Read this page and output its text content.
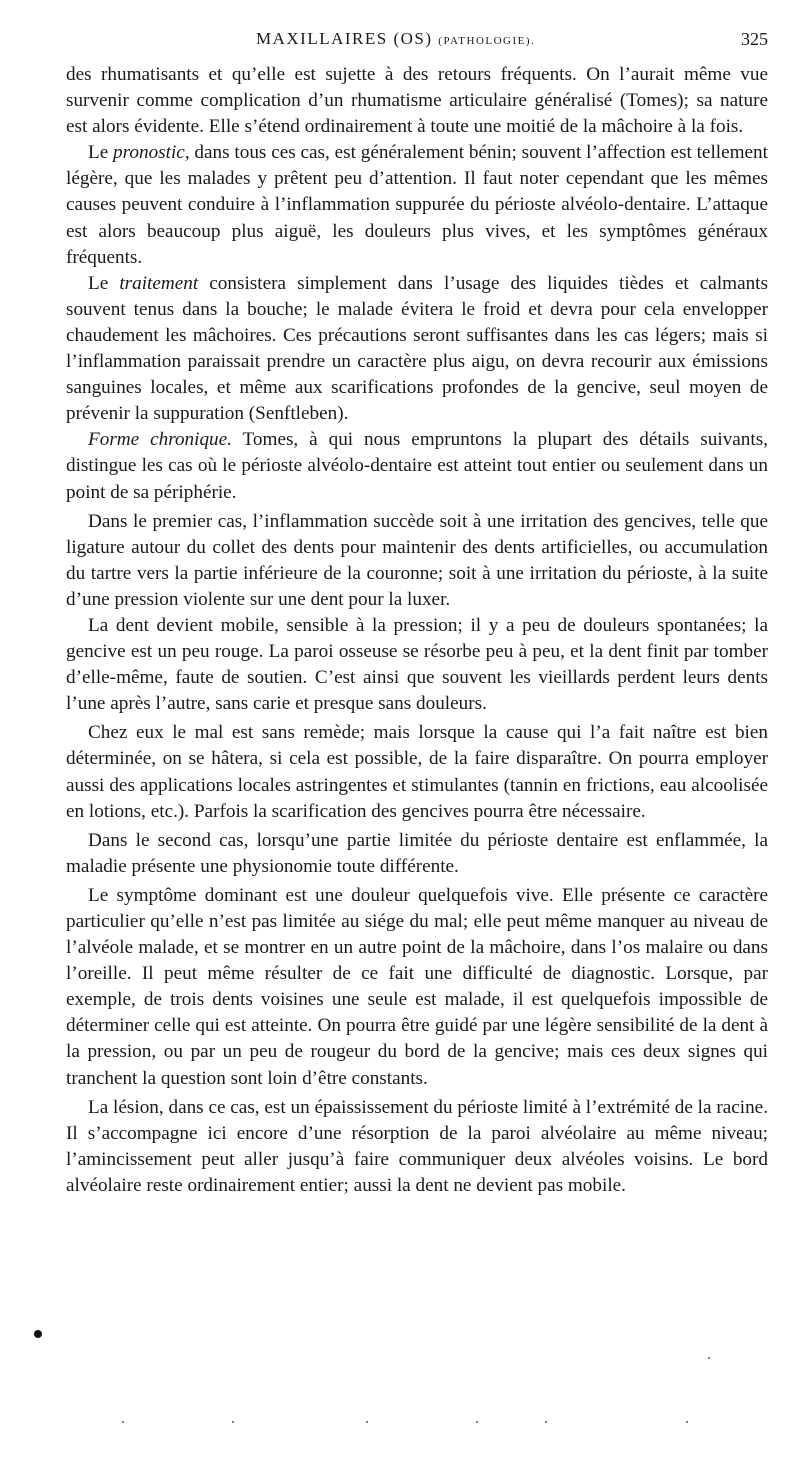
MAXILLAIRES (OS) (PATHOLOGIE).	325

des rhumatisants et qu’elle est sujette à des retours fréquents. On l’aurait même vue survenir comme complication d’un rhumatisme articulaire généralisé (Tomes); sa nature est alors évidente. Elle s’étend ordinairement à toute une moitié de la mâchoire à la fois.

Le pronostic, dans tous ces cas, est généralement bénin; souvent l’affection est tellement légère, que les malades y prêtent peu d’attention. Il faut noter cependant que les mêmes causes peuvent conduire à l’inflammation suppurée du périoste alvéolo-dentaire. L’attaque est alors beaucoup plus aiguë, les douleurs plus vives, et les symptômes généraux fréquents.

Le traitement consistera simplement dans l’usage des liquides tièdes et calmants souvent tenus dans la bouche; le malade évitera le froid et devra pour cela envelopper chaudement les mâchoires. Ces précautions seront suffisantes dans les cas légers; mais si l’inflammation paraissait prendre un caractère plus aigu, on devra recourir aux émissions sanguines locales, et même aux scarifications profondes de la gencive, seul moyen de prévenir la suppuration (Senftleben).

Forme chronique. Tomes, à qui nous empruntons la plupart des détails suivants, distingue les cas où le périoste alvéolo-dentaire est atteint tout entier ou seulement dans un point de sa périphérie.

Dans le premier cas, l’inflammation succède soit à une irritation des gencives, telle que ligature autour du collet des dents pour maintenir des dents artificielles, ou accumulation du tartre vers la partie inférieure de la couronne; soit à une irritation du périoste, à la suite d’une pression violente sur une dent pour la luxer.

La dent devient mobile, sensible à la pression; il y a peu de douleurs spontanées; la gencive est un peu rouge. La paroi osseuse se résorbe peu à peu, et la dent finit par tomber d’elle-même, faute de soutien. C’est ainsi que souvent les vieillards perdent leurs dents l’une après l’autre, sans carie et presque sans douleurs.

Chez eux le mal est sans remède; mais lorsque la cause qui l’a fait naître est bien déterminée, on se hâtera, si cela est possible, de la faire disparaître. On pourra employer aussi des applications locales astringentes et stimulantes (tannin en frictions, eau alcoolisée en lotions, etc.). Parfois la scarification des gencives pourra être nécessaire.

Dans le second cas, lorsqu’une partie limitée du périoste dentaire est enflammée, la maladie présente une physionomie toute différente.

Le symptôme dominant est une douleur quelquefois vive. Elle présente ce caractère particulier qu’elle n’est pas limitée au siége du mal; elle peut même manquer au niveau de l’alvéole malade, et se montrer en un autre point de la mâchoire, dans l’os malaire ou dans l’oreille. Il peut même résulter de ce fait une difficulté de diagnostic. Lorsque, par exemple, de trois dents voisines une seule est malade, il est quelquefois impossible de déterminer celle qui est atteinte. On pourra être guidé par une légère sensibilité de la dent à la pression, ou par un peu de rougeur du bord de la gencive; mais ces deux signes qui tranchent la question sont loin d’être constants.

La lésion, dans ce cas, est un épaississement du périoste limité à l’extrémité de la racine. Il s’accompagne ici encore d’une résorption de la paroi alvéolaire au même niveau; l’amincissement peut aller jusqu’à faire communiquer deux alvéoles voisins. Le bord alvéolaire reste ordinairement entier; aussi la dent ne devient pas mobile.
